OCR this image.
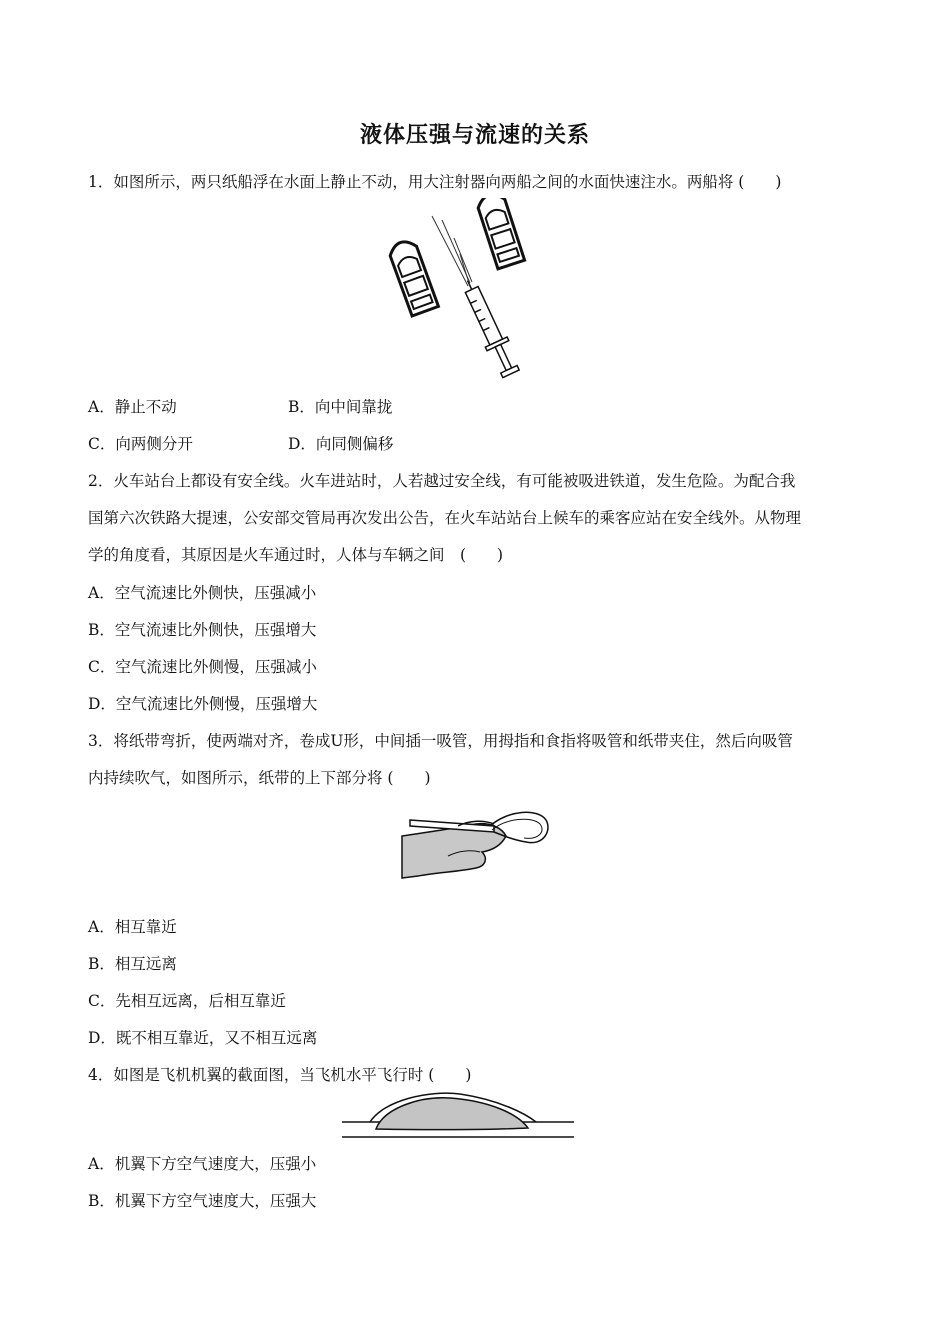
液体压强与流速的关系
1．如图所示，两只纸船浮在水面上静止不动，用大注射器向两船之间的水面快速注水。两船将 (　　)
A．静止不动	B．向中间靠拢
C．向两侧分开	D．向同侧偏移
2．火车站台上都设有安全线。火车进站时，人若越过安全线，有可能被吸进铁道，发生危险。为配合我
国第六次铁路大提速，公安部交管局再次发出公告，在火车站站台上候车的乘客应站在安全线外。从物理
学的角度看，其原因是火车通过时，人体与车辆之间　(　　)
A．空气流速比外侧快，压强减小
B．空气流速比外侧快，压强增大
C．空气流速比外侧慢，压强减小
D．空气流速比外侧慢，压强增大
3．将纸带弯折，使两端对齐，卷成U形，中间插一吸管，用拇指和食指将吸管和纸带夹住，然后向吸管
内持续吹气，如图所示，纸带的上下部分将 (　　)
A．相互靠近
B．相互远离
C．先相互远离，后相互靠近
D．既不相互靠近，又不相互远离
4．如图是飞机机翼的截面图，当飞机水平飞行时 (　　)
A．机翼下方空气速度大，压强小
B．机翼下方空气速度大，压强大
